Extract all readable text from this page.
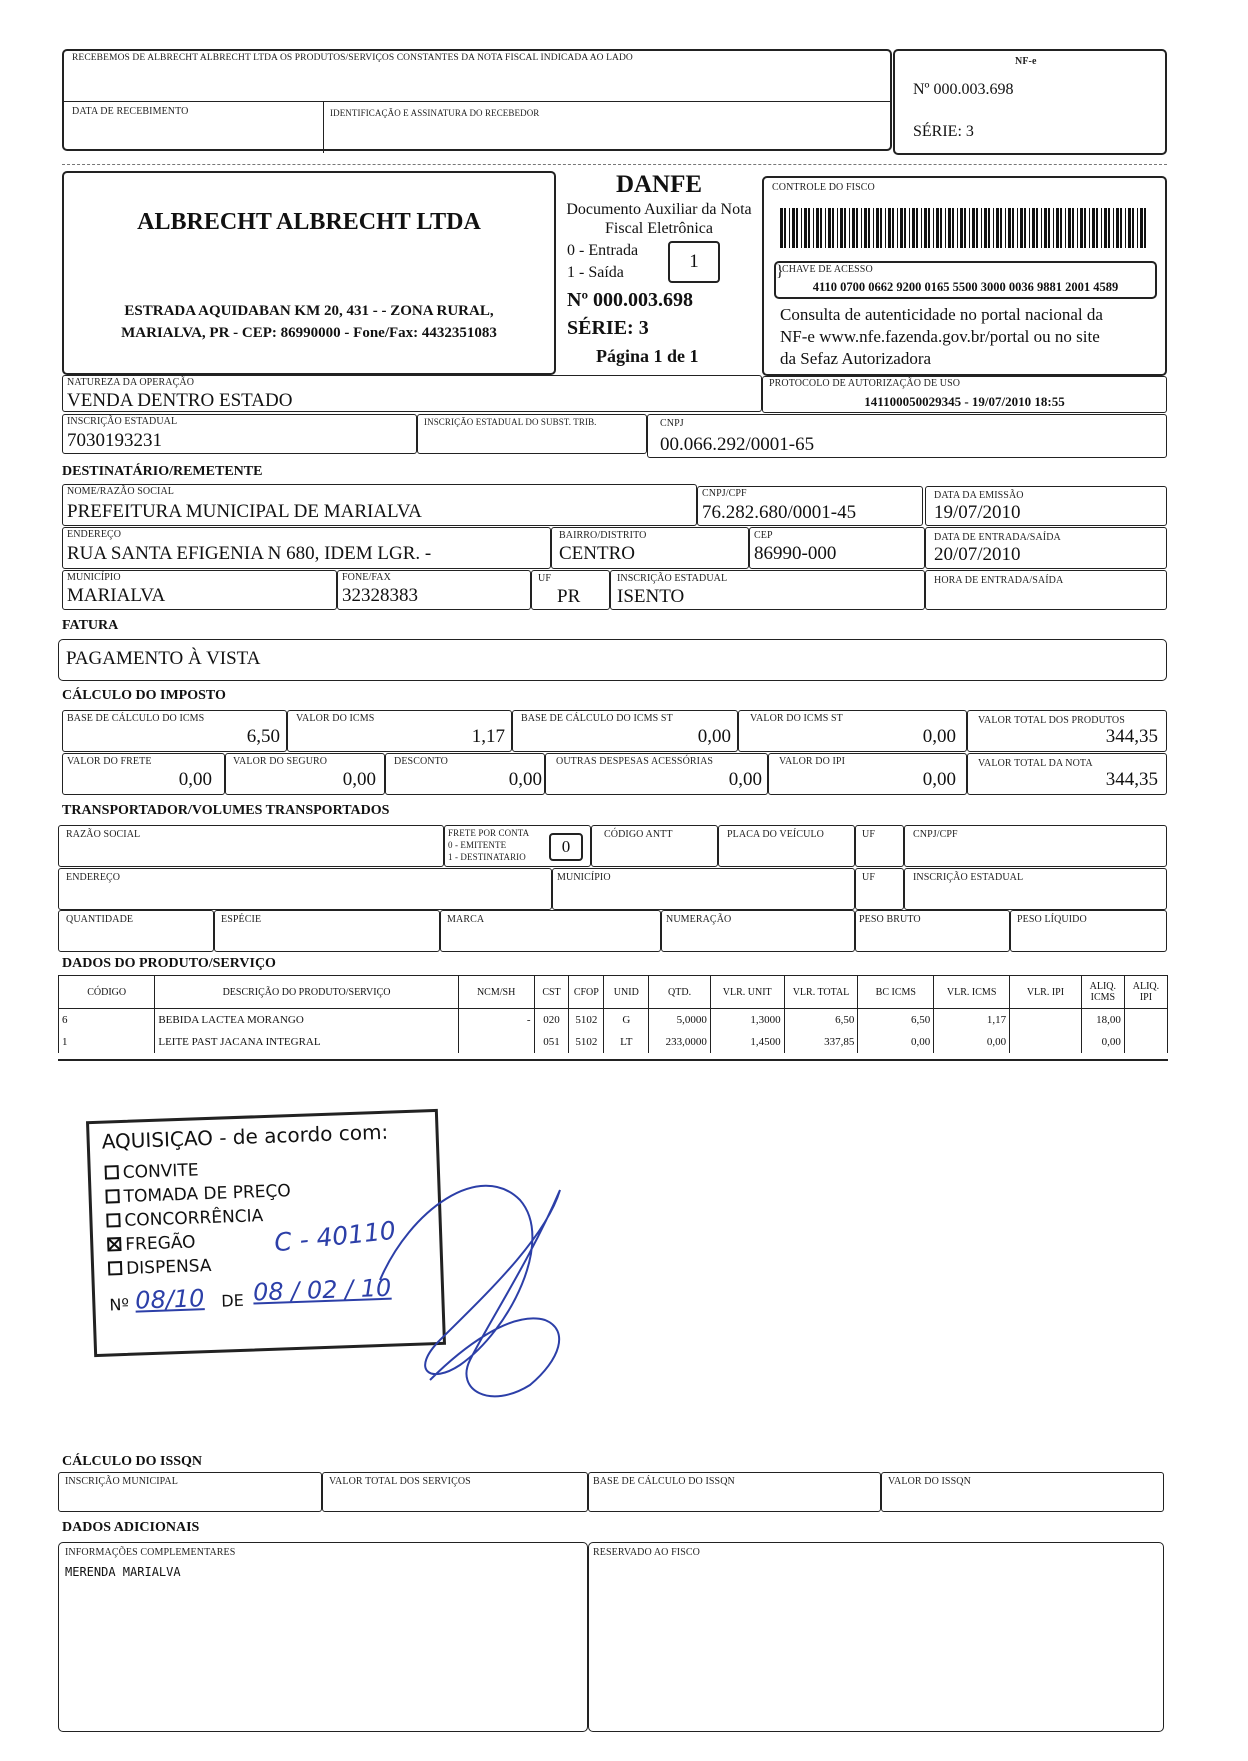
RECEBEMOS DE ALBRECHT ALBRECHT LTDA OS PRODUTOS/SERVIÇOS CONSTANTES DA NOTA FISCAL INDICADA AO LADO
DATA DE RECEBIMENTO	IDENTIFICAÇÃO E ASSINATURA DO RECEBEDOR
NF-e
Nº 000.003.698
SÉRIE: 3
ALBRECHT ALBRECHT LTDA
ESTRADA AQUIDABAN KM 20, 431 - - ZONA RURAL,
MARIALVA, PR - CEP: 86990000 - Fone/Fax: 4432351083
DANFE
Documento Auxiliar da Nota
Fiscal Eletrônica
0 - Entrada
1 - Saída
1
Nº 000.003.698
SÉRIE: 3
Página 1 de 1
CONTROLE DO FISCO
CHAVE DE ACESSO
4110 0700 0662 9200 0165 5500 3000 0036 9881 2001 4589
}
Consulta de autenticidade no portal nacional da
NF-e www.nfe.fazenda.gov.br/portal ou no site
da Sefaz Autorizadora
NATUREZA DA OPERAÇÃO
VENDA DENTRO ESTADO
PROTOCOLO DE AUTORIZAÇÃO DE USO
141100050029345 - 19/07/2010 18:55
INSCRIÇÃO ESTADUAL
7030193231
INSCRIÇÃO ESTADUAL DO SUBST. TRIB.	CNPJ
00.066.292/0001-65
DESTINATÁRIO/REMETENTE
NOME/RAZÃO SOCIAL
PREFEITURA MUNICIPAL DE MARIALVA
CNPJ/CPF
76.282.680/0001-45
DATA DA EMISSÃO
19/07/2010
ENDEREÇO
RUA SANTA EFIGENIA N 680, IDEM LGR. -
BAIRRO/DISTRITO
CENTRO
CEP
86990-000
DATA DE ENTRADA/SAÍDA
20/07/2010
MUNICÍPIO
MARIALVA
FONE/FAX
32328383
UF
PR
INSCRIÇÃO ESTADUAL
ISENTO
HORA DE ENTRADA/SAÍDA
FATURA
PAGAMENTO À VISTA
CÁLCULO DO IMPOSTO
BASE DE CÁLCULO DO ICMS
6,50
VALOR DO ICMS
1,17
BASE DE CÁLCULO DO ICMS ST
0,00
VALOR DO ICMS ST
0,00
VALOR TOTAL DOS PRODUTOS
344,35
VALOR DO FRETE
0,00
VALOR DO SEGURO
0,00
DESCONTO
0,00
OUTRAS DESPESAS ACESSÓRIAS
0,00
VALOR DO IPI
0,00
VALOR TOTAL DA NOTA
344,35
TRANSPORTADOR/VOLUMES TRANSPORTADOS
RAZÃO SOCIAL	FRETE POR CONTA
0 - EMITENTE
1 - DESTINATARIO
0
CÓDIGO ANTT	PLACA DO VEÍCULO	UF	CNPJ/CPF
ENDEREÇO	MUNICÍPIO	UF	INSCRIÇÃO ESTADUAL
QUANTIDADE	ESPÉCIE	MARCA	NUMERAÇÃO	PESO BRUTO	PESO LÍQUIDO
DADOS DO PRODUTO/SERVIÇO
CÓDIGO	DESCRIÇÃO DO PRODUTO/SERVIÇO	NCM/SH	CST	CFOP	UNID	QTD.	VLR. UNIT	VLR. TOTAL	BC ICMS	VLR. ICMS	VLR. IPI	ALIQ. ICMS	ALIQ. IPI
6	BEBIDA LACTEA MORANGO	-	020	5102	G	5,0000	1,3000	6,50	6,50	1,17		18,00	
1	LEITE PAST JACANA INTEGRAL		051	5102	LT	233,0000	1,4500	337,85	0,00	0,00		0,00	
AQUISIÇAO - de acordo com:
CONVITE
TOMADA DE PREÇO
CONCORRÊNCIA
FREGÃO
DISPENSA
Nº 08/10 DE 08 / 02 / 10
C - 40110
CÁLCULO DO ISSQN
INSCRIÇÃO MUNICIPAL	VALOR TOTAL DOS SERVIÇOS	BASE DE CÁLCULO DO ISSQN	VALOR DO ISSQN
DADOS ADICIONAIS
INFORMAÇÕES COMPLEMENTARES
MERENDA MARIALVA
RESERVADO AO FISCO
